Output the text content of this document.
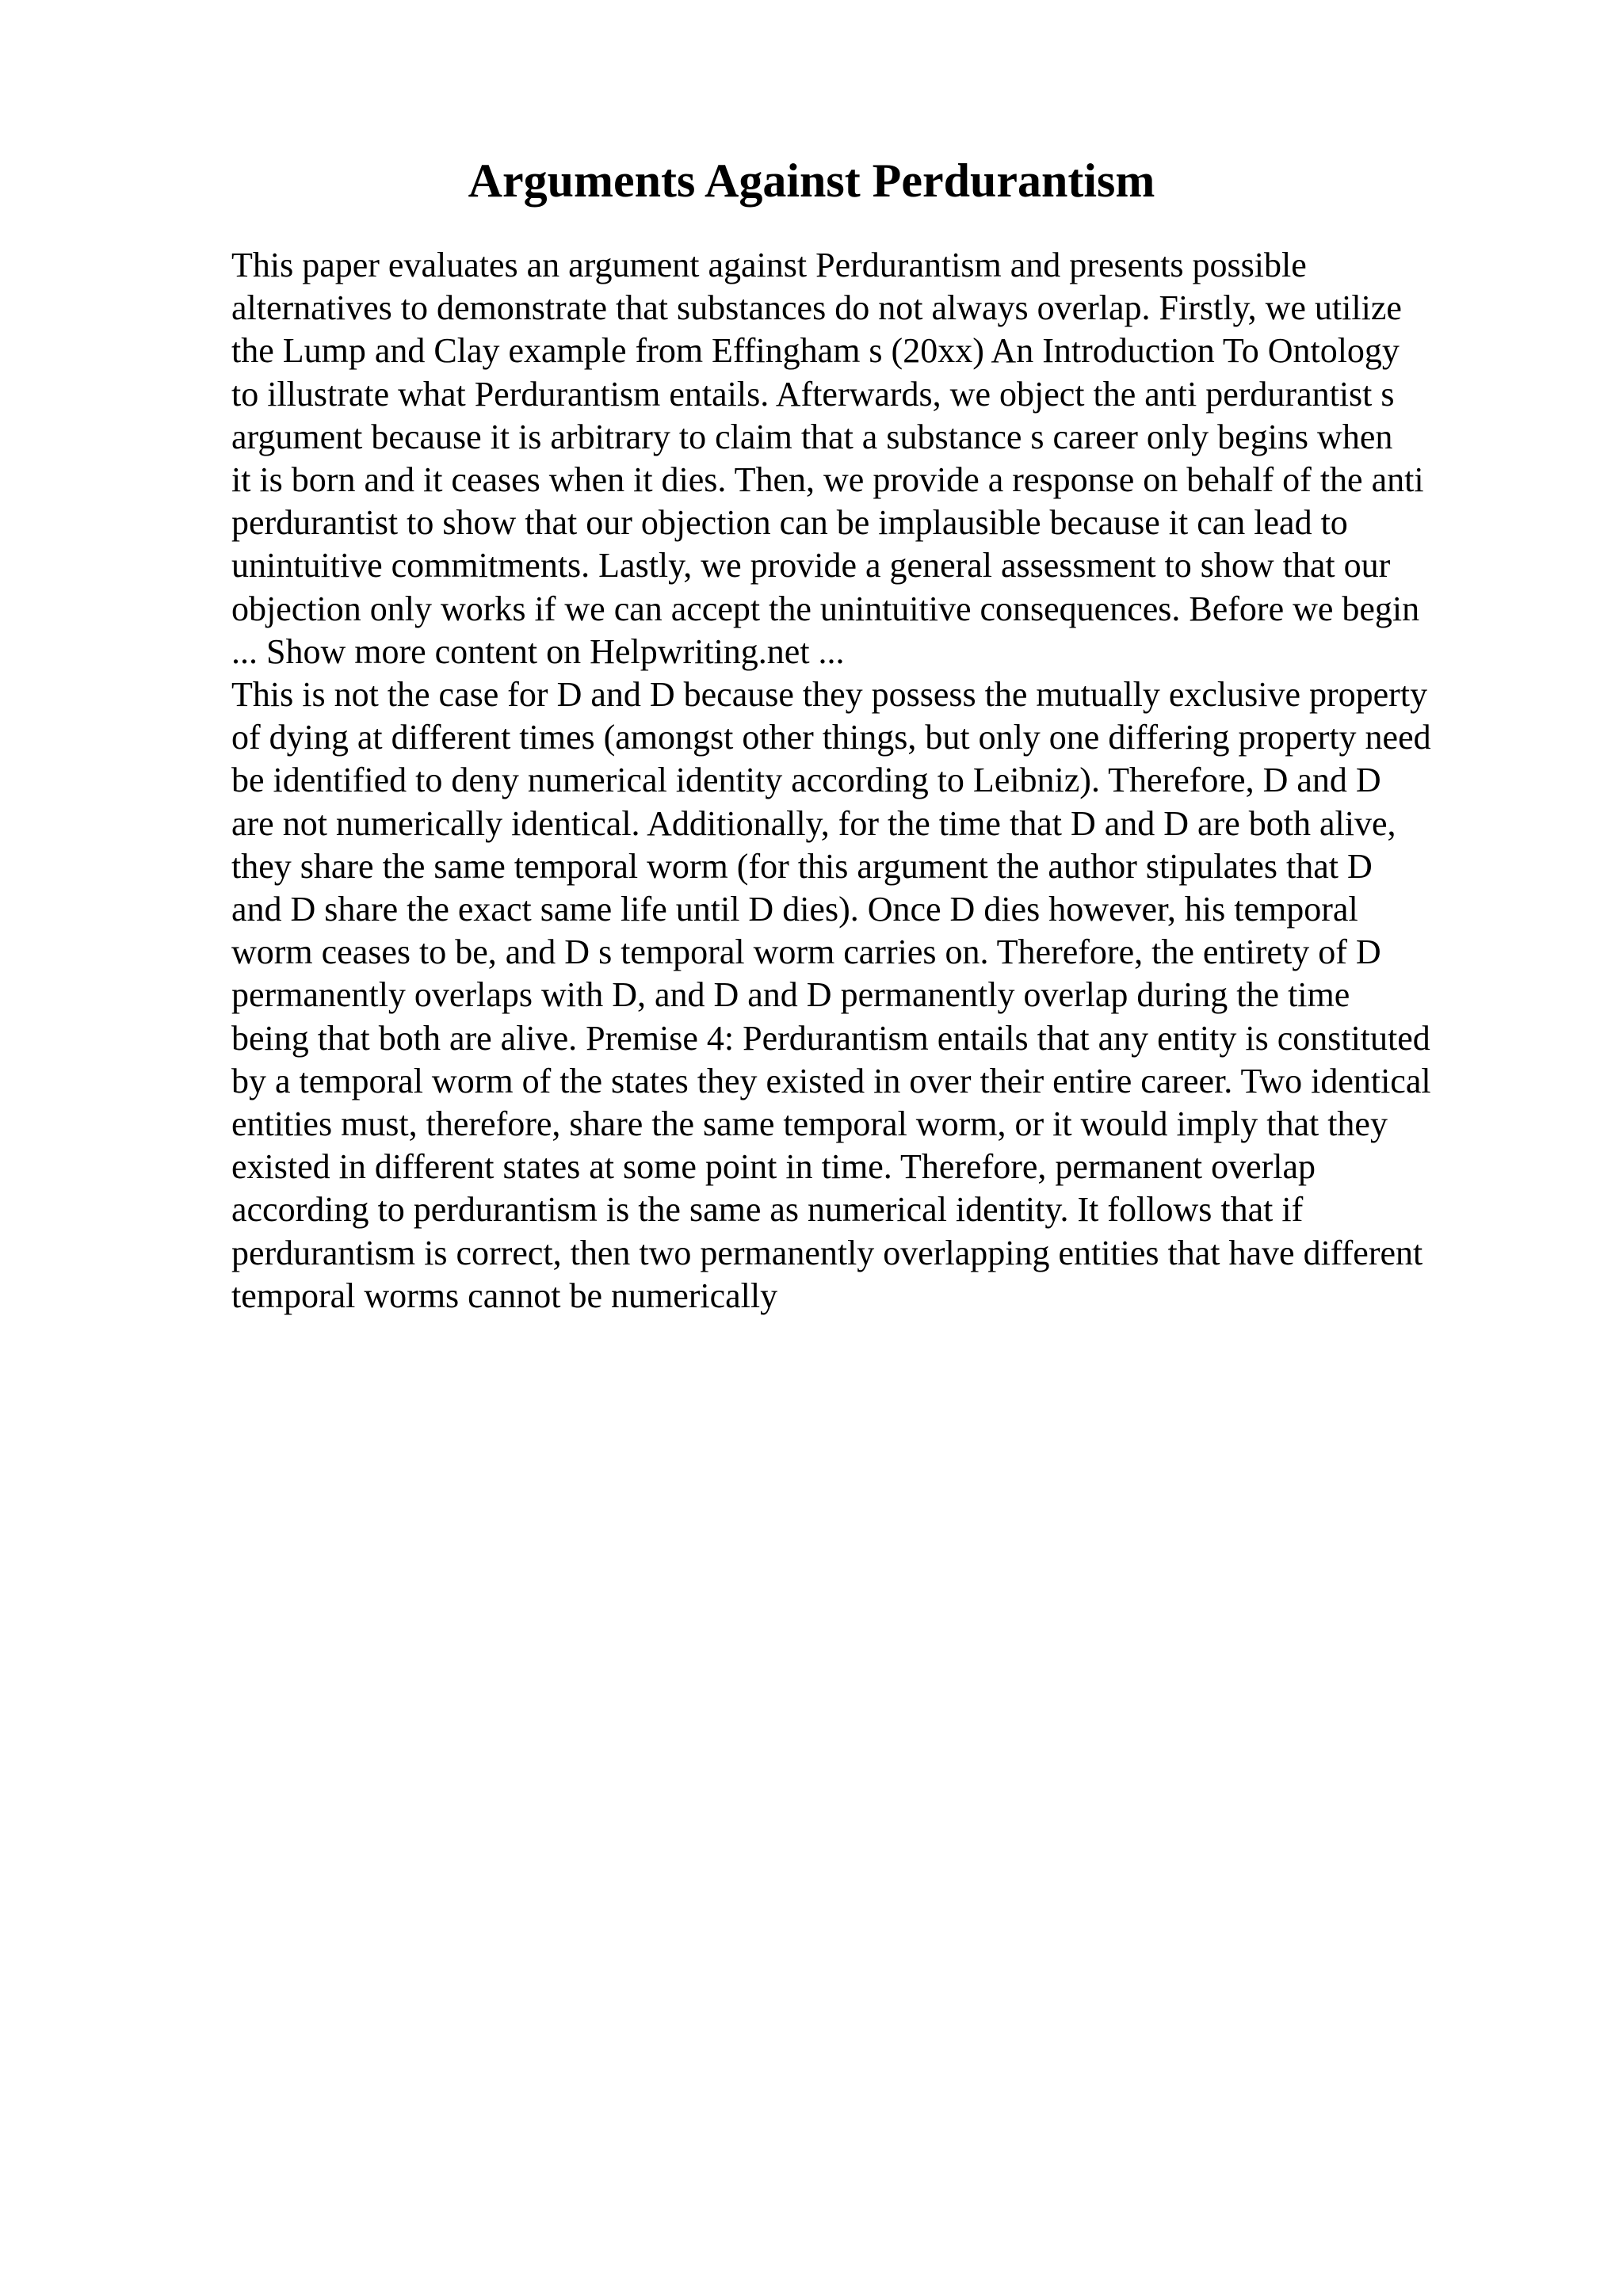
Arguments Against Perdurantism
This paper evaluates an argument against Perdurantism and presents possible
alternatives to demonstrate that substances do not always overlap. Firstly, we utilize
the Lump and Clay example from Effingham s (20xx) An Introduction To Ontology
to illustrate what Perdurantism entails. Afterwards, we object the anti perdurantist s
argument because it is arbitrary to claim that a substance s career only begins when
it is born and it ceases when it dies. Then, we provide a response on behalf of the anti
perdurantist to show that our objection can be implausible because it can lead to
unintuitive commitments. Lastly, we provide a general assessment to show that our
objection only works if we can accept the unintuitive consequences. Before we begin
... Show more content on Helpwriting.net ...
This is not the case for D and D because they possess the mutually exclusive property
of dying at different times (amongst other things, but only one differing property need
be identified to deny numerical identity according to Leibniz). Therefore, D and D
are not numerically identical. Additionally, for the time that D and D are both alive,
they share the same temporal worm (for this argument the author stipulates that D
and D share the exact same life until D dies). Once D dies however, his temporal
worm ceases to be, and D s temporal worm carries on. Therefore, the entirety of D
permanently overlaps with D, and D and D permanently overlap during the time
being that both are alive. Premise 4: Perdurantism entails that any entity is constituted
by a temporal worm of the states they existed in over their entire career. Two identical
entities must, therefore, share the same temporal worm, or it would imply that they
existed in different states at some point in time. Therefore, permanent overlap
according to perdurantism is the same as numerical identity. It follows that if
perdurantism is correct, then two permanently overlapping entities that have different
temporal worms cannot be numerically
